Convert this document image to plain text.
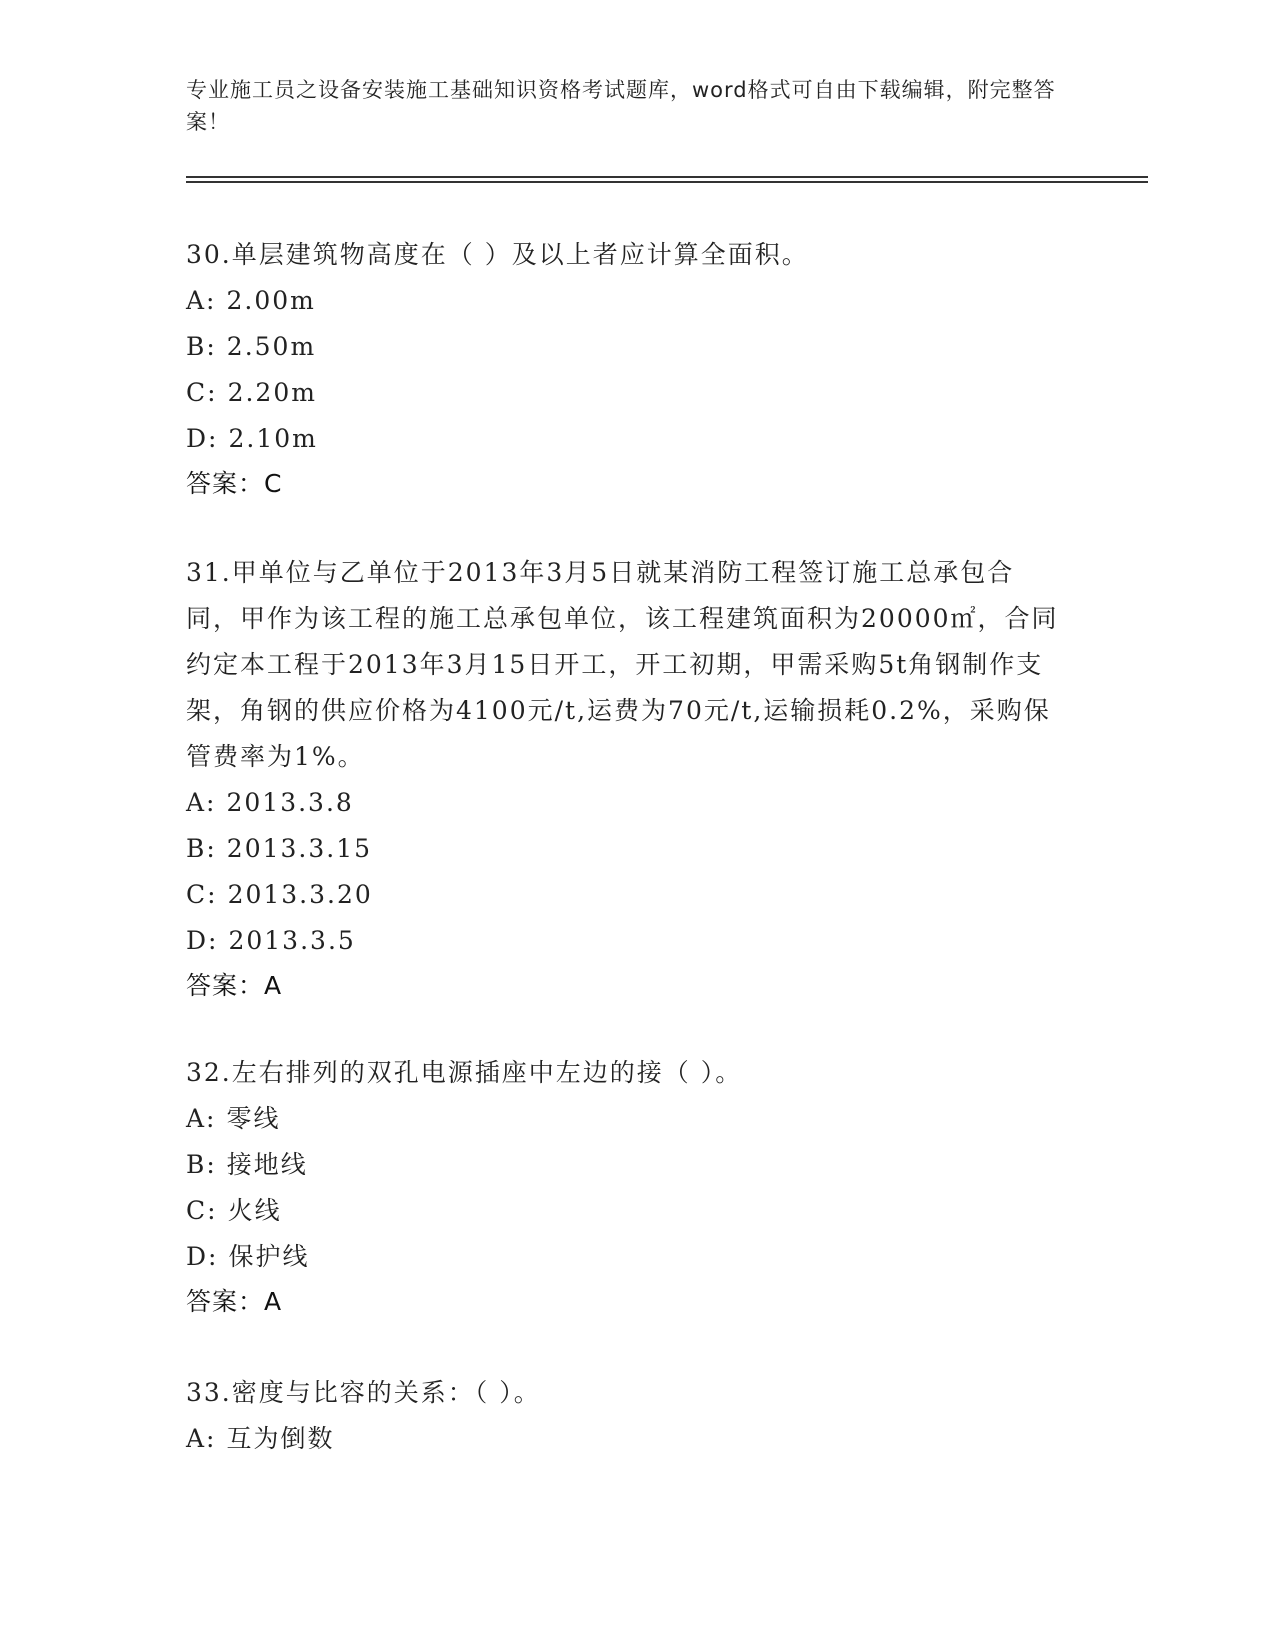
专业施工员之设备安装施工基础知识资格考试题库，word格式可自由下载编辑，附完整答案！

30.单层建筑物高度在（ ）及以上者应计算全面积。

A: 2.00m

B: 2.50m

C: 2.20m

D: 2.10m

答案：C

31.甲单位与乙单位于2013年3月5日就某消防工程签订施工总承包合同，甲作为该工程的施工总承包单位，该工程建筑面积为20000㎡，合同约定本工程于2013年3月15日开工，开工初期，甲需采购5t角钢制作支架，角钢的供应价格为4100元/t,运费为70元/t,运输损耗0.2%，采购保管费率为1%。

A: 2013.3.8

B: 2013.3.15

C: 2013.3.20

D: 2013.3.5

答案：A

32.左右排列的双孔电源插座中左边的接（ ）。

A: 零线

B: 接地线

C: 火线

D: 保护线

答案：A

33.密度与比容的关系：（ ）。

A: 互为倒数
